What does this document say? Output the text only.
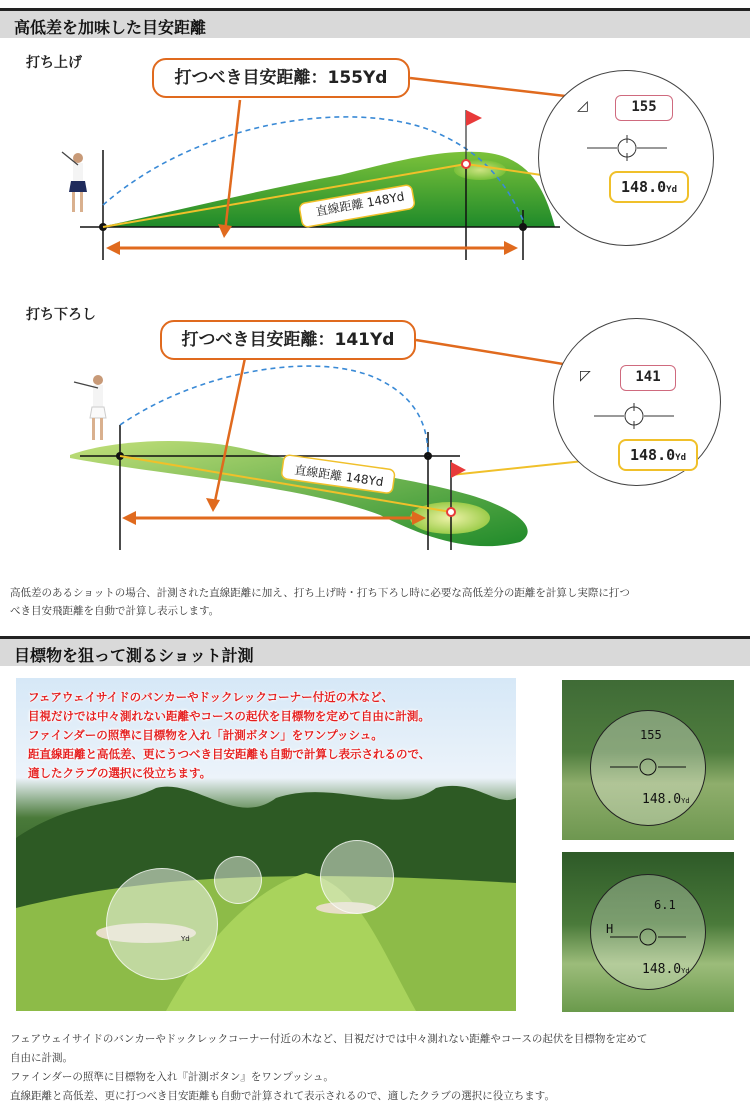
高低差を加味した目安距離
打ち上げ
打つべき目安距離：155Yd
直線距離 148Yd
◿	155
148.0Yd
打ち下ろし
打つべき目安距離：141Yd
直線距離 148Yd
◸	141
148.0Yd
高低差のあるショットの場合、計測された直線距離に加え、打ち上げ時・打ち下ろし時に必要な高低差分の距離を計算し実際に打つ
べき目安飛距離を自動で計算し表示します。
目標物を狙って測るショット計測
Yd
フェアウェイサイドのバンカーやドックレックコーナー付近の木など、
目視だけでは中々測れない距離やコースの起伏を目標物を定めて自由に計測。
ファインダーの照準に目標物を入れ「計測ボタン」をワンプッシュ。
距直線距離と高低差、更にうつべき目安距離も自動で計算し表示されるので、
適したクラブの選択に役立ちます。
155
148.0Yd
6.1
H
148.0Yd
フェアウェイサイドのバンカーやドックレックコーナー付近の木など、目視だけでは中々測れない距離やコースの起伏を目標物を定めて
自由に計測。
ファインダーの照準に目標物を入れ『計測ボタン』をワンプッシュ。
直線距離と高低差、更に打つべき目安距離も自動で計算されて表示されるので、適したクラブの選択に役立ちます。
